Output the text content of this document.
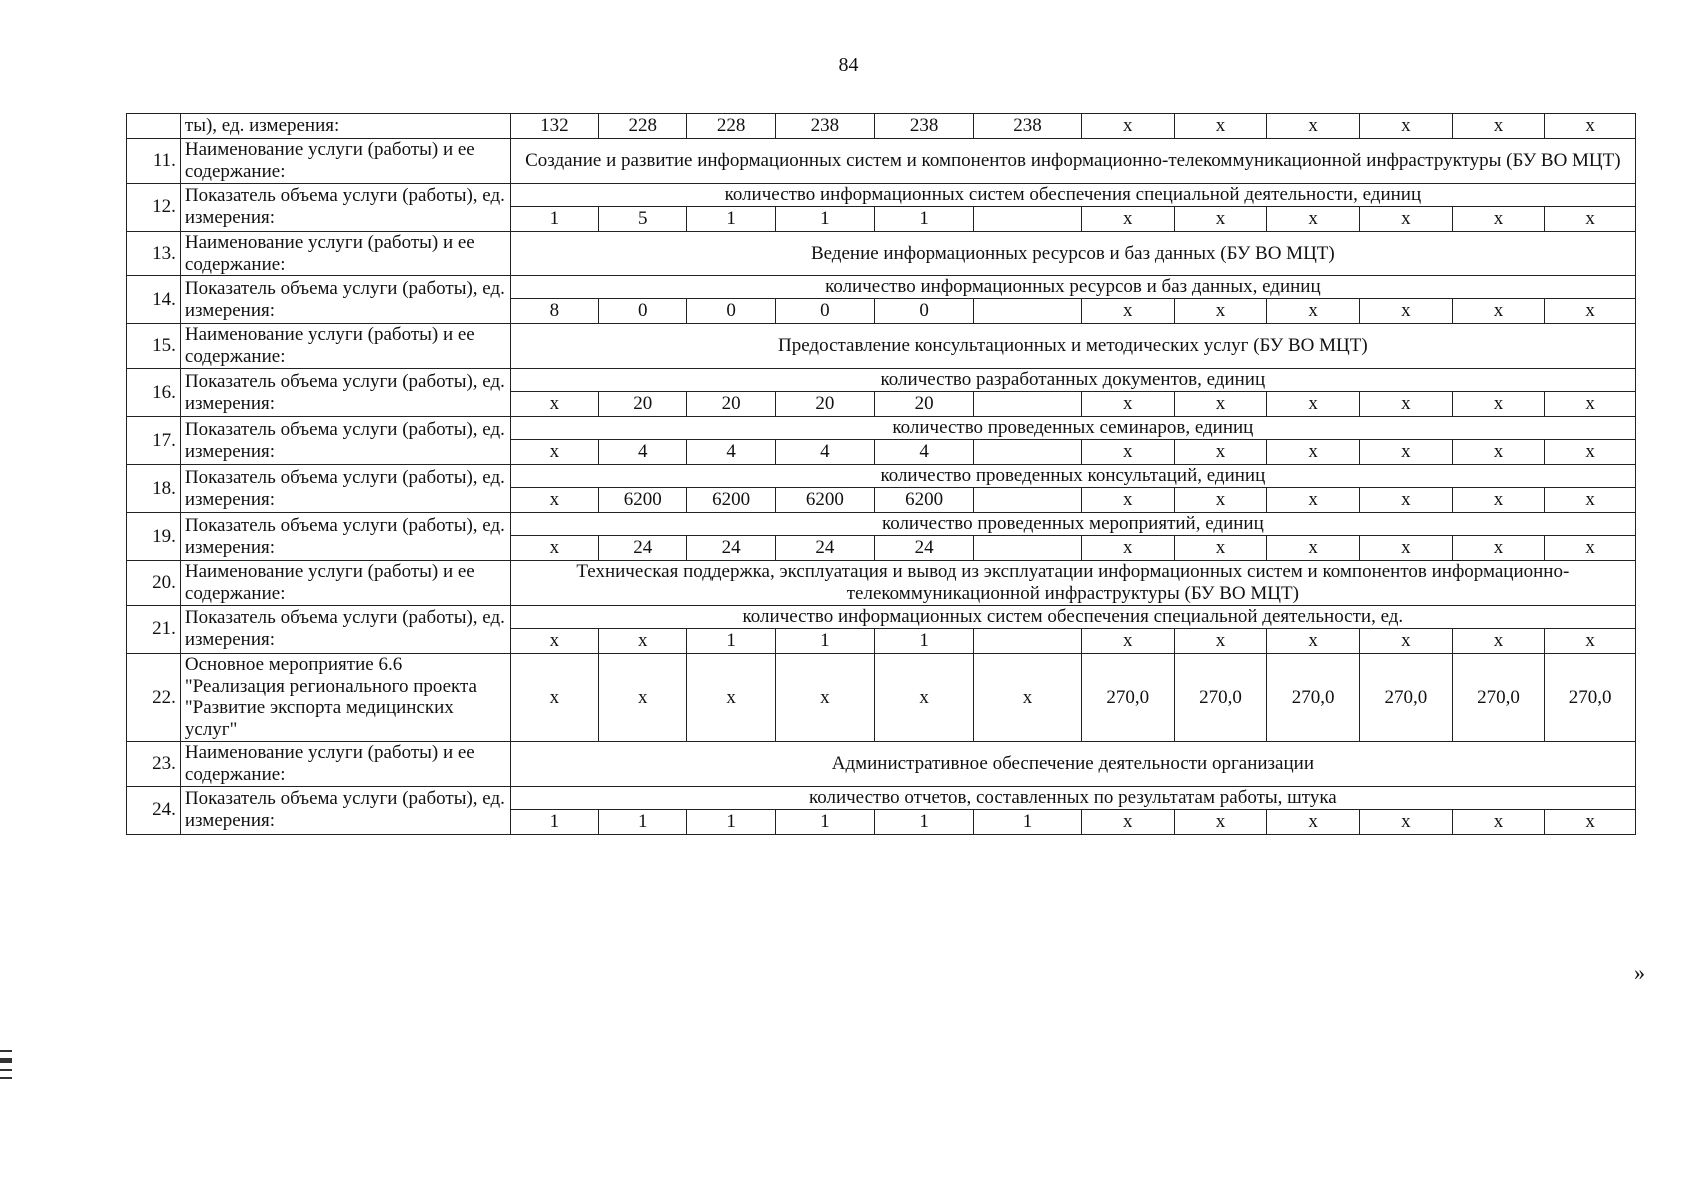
84
	ты), ед. измерения:	132	228	228	238	238	238	x	x	x	x	x	x
11.	Наименование услуги (работы) и ее содержание:	Создание и развитие информационных систем и компонентов информационно-телекоммуникационной инфраструктуры (БУ ВО МЦТ)											
12.	Показатель объема услуги (работы), ед. измерения:	количество информационных систем обеспечения специальной деятельности, единиц											
		1	5	1	1	1		x	x	x	x	x	x
13.	Наименование услуги (работы) и ее содержание:	Ведение информационных ресурсов и баз данных (БУ ВО МЦТ)											
14.	Показатель объема услуги (работы), ед. измерения:	количество информационных ресурсов и баз данных, единиц											
		8	0	0	0	0		x	x	x	x	x	x
15.	Наименование услуги (работы) и ее содержание:	Предоставление консультационных и методических услуг (БУ ВО МЦТ)											
16.	Показатель объема услуги (работы), ед. измерения:	количество разработанных документов, единиц											
		x	20	20	20	20		x	x	x	x	x	x
17.	Показатель объема услуги (работы), ед. измерения:	количество проведенных семинаров, единиц											
		x	4	4	4	4		x	x	x	x	x	x
18.	Показатель объема услуги (работы), ед. измерения:	количество проведенных консультаций, единиц											
		x	6200	6200	6200	6200		x	x	x	x	x	x
19.	Показатель объема услуги (работы), ед. измерения:	количество проведенных мероприятий, единиц											
		x	24	24	24	24		x	x	x	x	x	x
20.	Наименование услуги (работы) и ее содержание:	Техническая поддержка, эксплуатация и вывод из эксплуатации информационных систем и компонентов информационно-телекоммуникационной инфраструктуры (БУ ВО МЦТ)											
21.	Показатель объема услуги (работы), ед. измерения:	количество информационных систем обеспечения специальной деятельности, ед.											
		x	x	1	1	1		x	x	x	x	x	x
22.	Основное мероприятие 6.6 "Реализация регионального проекта "Развитие экспорта медицинских услуг"	x	x	x	x	x	x	270,0	270,0	270,0	270,0	270,0	270,0
23.	Наименование услуги (работы) и ее содержание:	Административное обеспечение деятельности организации											
24.	Показатель объема услуги (работы), ед. измерения:	количество отчетов, составленных по результатам работы, штука											
		1	1	1	1	1	1	x	x	x	x	x	x
»
